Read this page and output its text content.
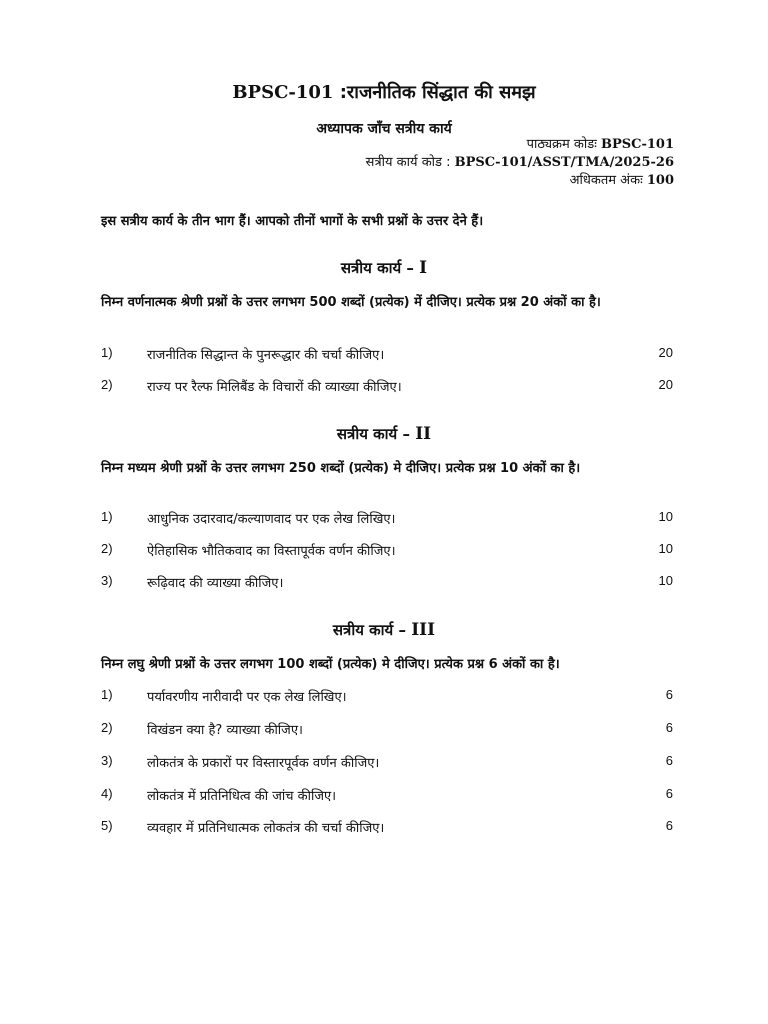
BPSC-101 :राजनीतिक सिंद्धात की समझ
अध्यापक जाँच सत्रीय कार्य
पाठ्यक्रम कोडः BPSC-101
सत्रीय कार्य कोड : BPSC-101/ASST/TMA/2025-26
अधिकतम अंकः 100
इस सत्रीय कार्य के तीन भाग हैं। आपको तीनों भागों के सभी प्रश्नों के उत्तर देने हैं।
सत्रीय कार्य – I
निम्न वर्णनात्मक श्रेणी प्रश्नों के उत्तर लगभग 500 शब्दों (प्रत्येक) में दीजिए। प्रत्येक प्रश्न 20 अंकों का है।
1)	राजनीतिक सिद्धान्त के पुनरूद्धार की चर्चा कीजिए।	20
2)	राज्य पर रैल्फ मिलिबैंड के विचारों की व्याख्या कीजिए।	20
सत्रीय कार्य – II
निम्न मध्यम श्रेणी प्रश्नों के उत्तर लगभग 250 शब्दों (प्रत्येक) मे दीजिए। प्रत्येक प्रश्न 10 अंकों का है।
1)	आधुनिक उदारवाद/कल्याणवाद पर एक लेख लिखिए।	10
2)	ऐतिहासिक भौतिकवाद का विस्तापूर्वक वर्णन कीजिए।	10
3)	रूढ़िवाद की व्याख्या कीजिए।	10
सत्रीय कार्य – III
निम्न लघु श्रेणी प्रश्नों के उत्तर लगभग 100 शब्दों (प्रत्येक) मे दीजिए। प्रत्येक प्रश्न 6 अंकों का है।
1)	पर्यावरणीय नारीवादी पर एक लेख लिखिए।	6
2)	विखंडन क्या है? व्याख्या कीजिए।	6
3)	लोकतंत्र के प्रकारों पर विस्तारपूर्वक वर्णन कीजिए।	6
4)	लोकतंत्र में प्रतिनिधित्व की जांच कीजिए।	6
5)	व्यवहार में प्रतिनिधात्मक लोकतंत्र की चर्चा कीजिए।	6
